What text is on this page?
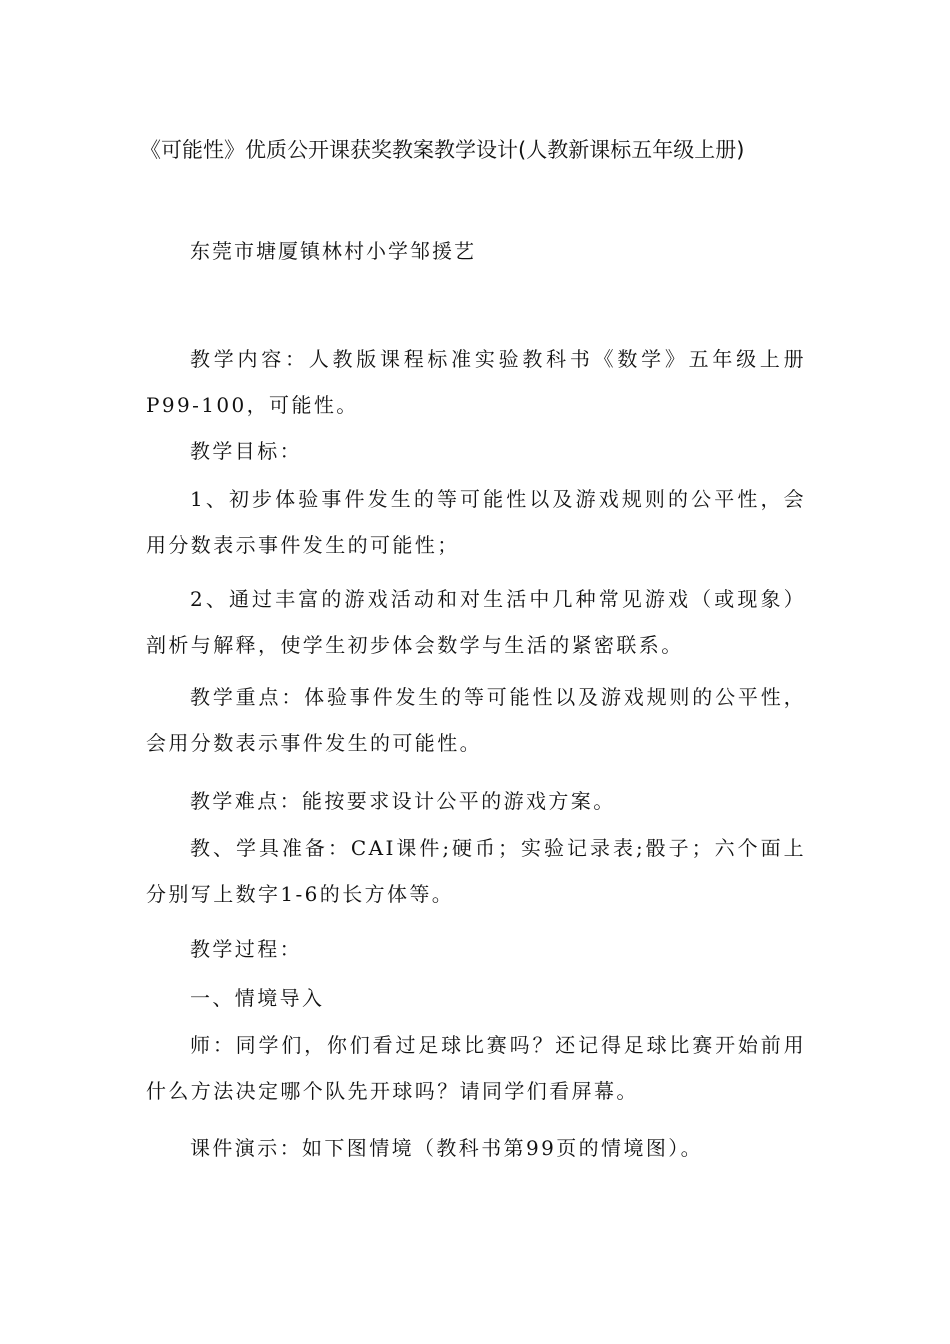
《可能性》优质公开课获奖教案教学设计(人教新课标五年级上册)
东莞市塘厦镇林村小学邹援艺

教学内容：人教版课程标准实验教科书《数学》五年级上册P99-100，可能性。

教学目标：

1、初步体验事件发生的等可能性以及游戏规则的公平性，会用分数表示事件发生的可能性；

2、通过丰富的游戏活动和对生活中几种常见游戏（或现象）剖析与解释，使学生初步体会数学与生活的紧密联系。

教学重点：体验事件发生的等可能性以及游戏规则的公平性，会用分数表示事件发生的可能性。

教学难点：能按要求设计公平的游戏方案。

教、学具准备：CAI课件;硬币；实验记录表;骰子；六个面上分别写上数字1-6的长方体等。

教学过程：
一、情境导入

师：同学们，你们看过足球比赛吗？还记得足球比赛开始前用什么方法决定哪个队先开球吗？请同学们看屏幕。

课件演示：如下图情境（教科书第99页的情境图）。
